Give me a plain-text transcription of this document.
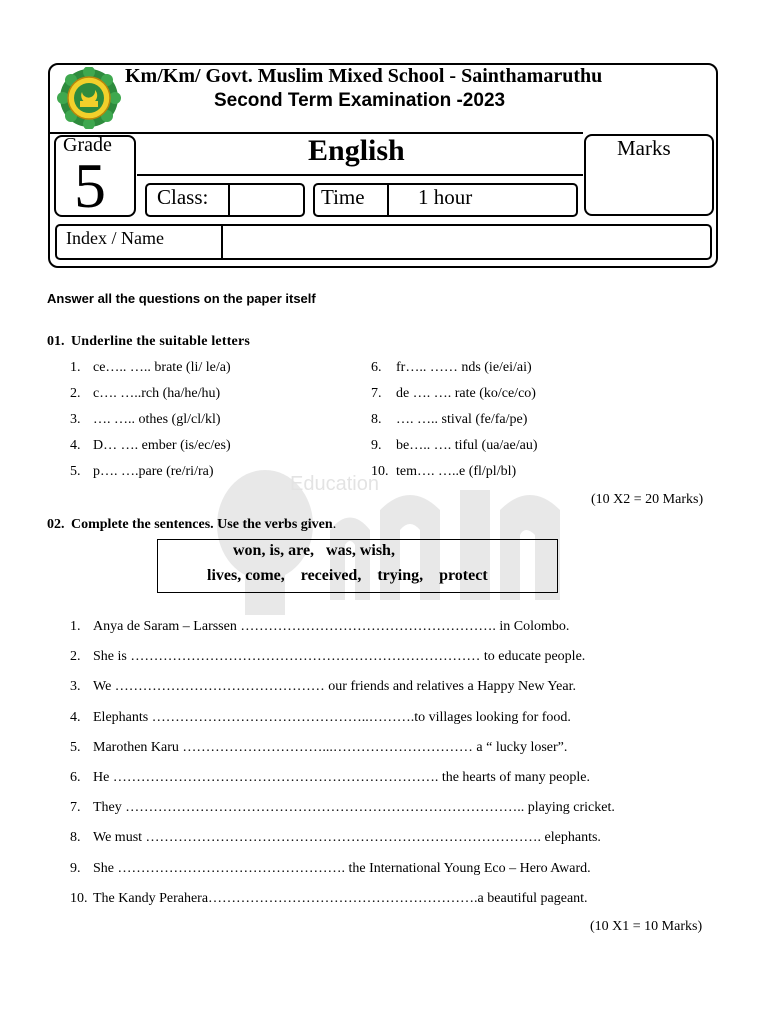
Km/Km/ Govt. Muslim Mixed School - Sainthamaruthu
Second Term Examination -2023
Grade
5	English	Marks
Class:	Time	1 hour
Index / Name
Education
Answer all the questions on the paper itself
01. Underline the suitable letters
1. ce….. ….. brate (li/ le/a)
2. c…. …..rch (ha/he/hu)
3. …. ….. othes (gl/cl/kl)
4. D… …. ember (is/ec/es)
5. p…. ….pare (re/ri/ra)
6. fr….. …… nds (ie/ei/ai)
7. de …. …. rate (ko/ce/co)
8. …. ….. stival (fe/fa/pe)
9. be….. …. tiful (ua/ae/au)
10. tem…. …..e (fl/pl/bl)
(10 X2 = 20 Marks)
02. Complete the sentences. Use the verbs given.
won, is, are,   was, wish,
lives, come,    received,    trying,    protect
1. Anya de Saram – Larssen ………………………………………………. in Colombo.
2. She is ………………………………………………………………… to educate people.
3. We ……………………………………… our friends and relatives a Happy New Year.
4. Elephants ………………………………………..……….to villages looking for food.
5. Marothen Karu …………………………...………………………… a “ lucky loser”.
6. He ……………………………………………………………. the hearts of many people.
7. They ………………………………………………………………………….. playing cricket.
8. We must …………………………………………………………………………. elephants.
9. She …………………………………………. the International Young Eco – Hero Award.
10. The Kandy Perahera………………………………………………….a beautiful pageant.
(10 X1 = 10 Marks)
